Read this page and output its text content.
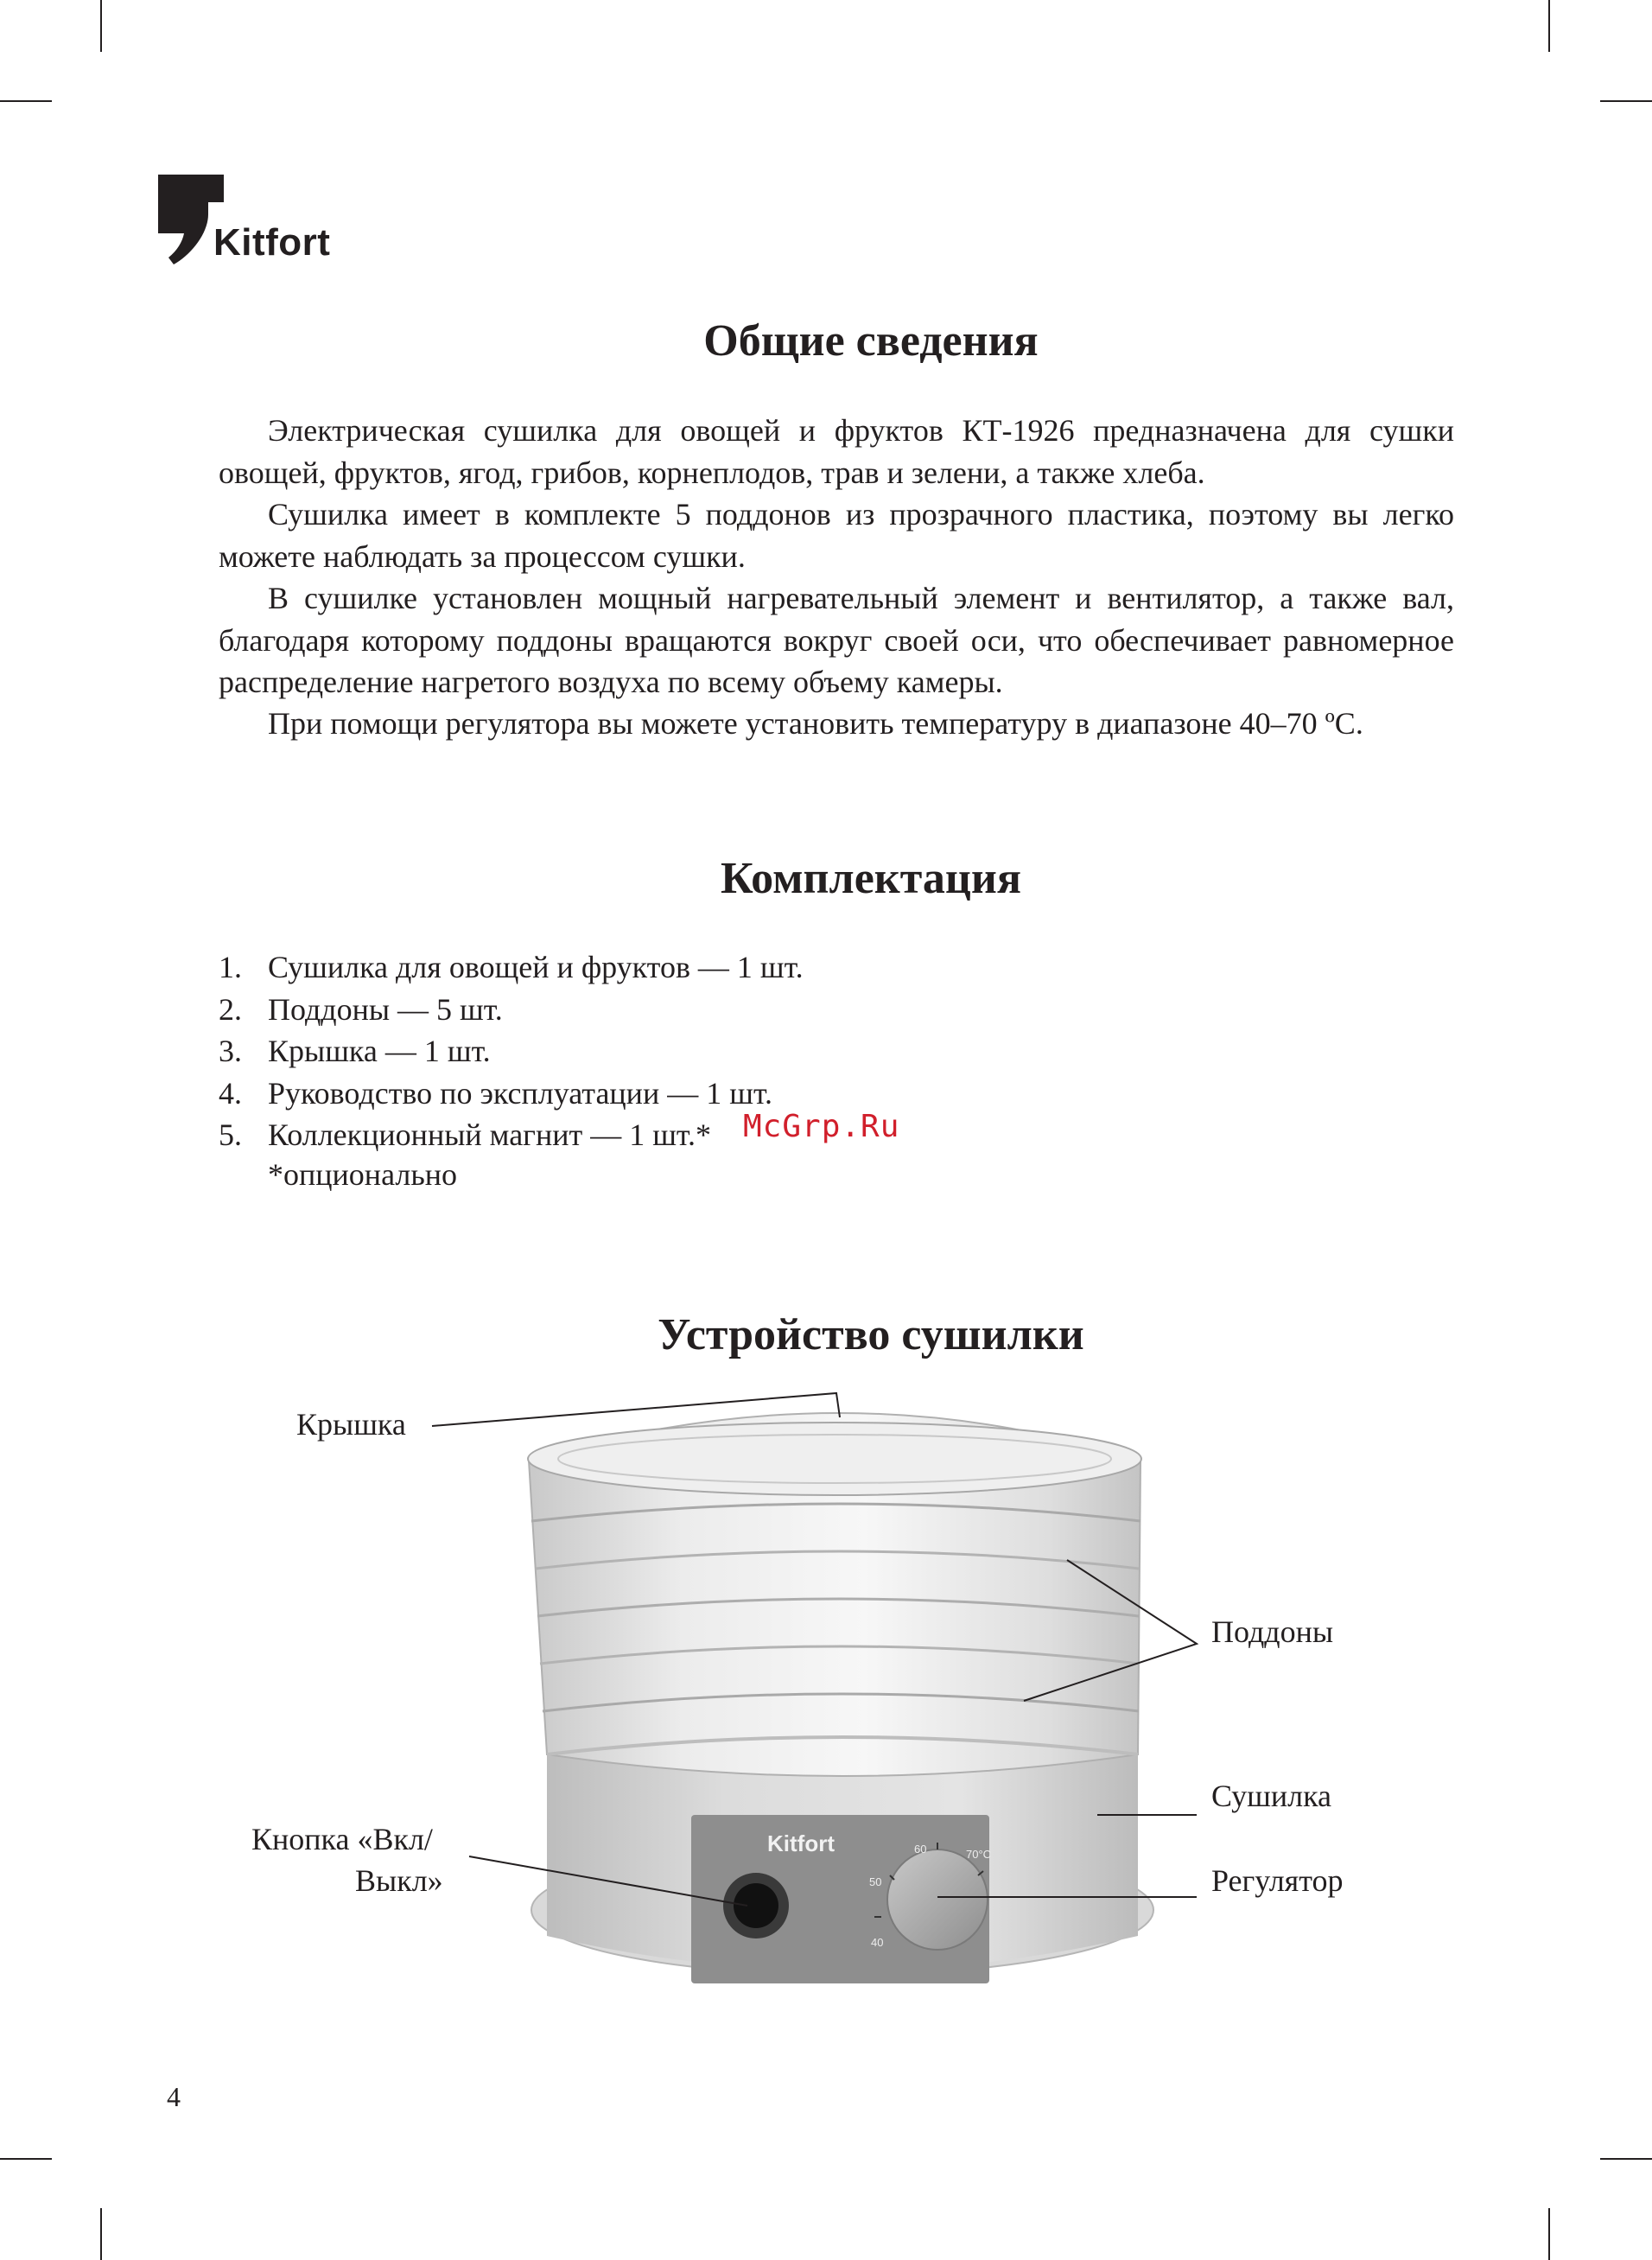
Kitfort
Общие сведения

Электрическая сушилка для овощей и фруктов КТ-1926 предназначена для сушки овощей, фруктов, ягод, грибов, корнеплодов, трав и зелени, а также хлеба.

Сушилка имеет в комплекте 5 поддонов из прозрачного пластика, поэтому вы легко можете наблюдать за процессом сушки.

В сушилке установлен мощный нагревательный элемент и вентилятор, а также вал, благодаря которому поддоны вращаются вокруг своей оси, что обеспечивает равномерное распределение нагретого воздуха по всему объему камеры.

При помощи регулятора вы можете установить температуру в диапазоне 40–70 ºС.

Комплектация
1. Сушилка для овощей и фруктов — 1 шт.
2. Поддоны — 5 шт.
3. Крышка — 1 шт.
4. Руководство по эксплуатации — 1 шт.
5. Коллекционный магнит — 1 шт.* McGrp.Ru
*опционально
Устройство сушилки
Kitfort
40
50
60	70°C
Крышка
Поддоны
Сушилка
Кнопка «Вкл/
Выкл»	Регулятор
4
